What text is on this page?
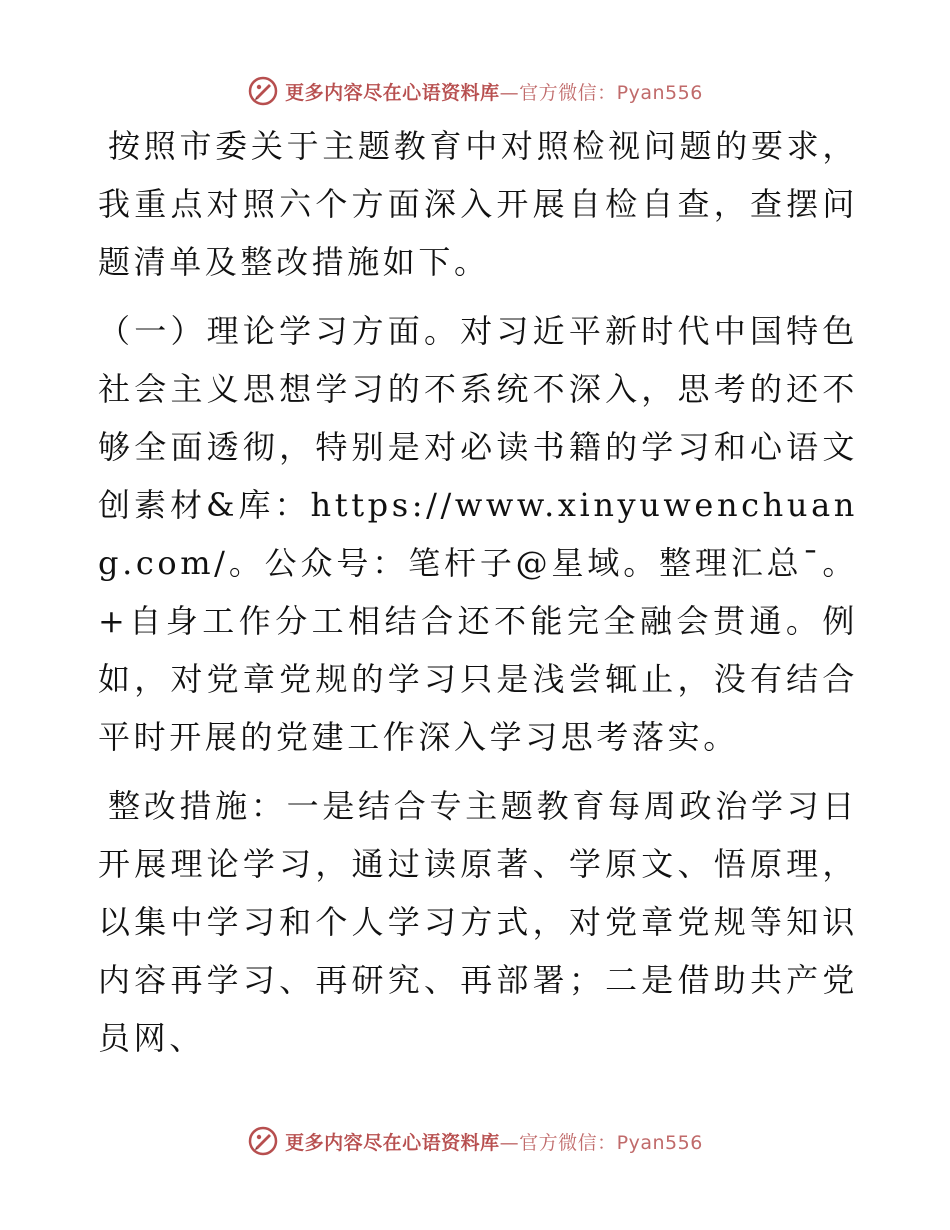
更多内容尽在心语资料库—官方微信：Pyan556

按照市委关于主题教育中对照检视问题的要求，我重点对照六个方面深入开展自检自查，查摆问题清单及整改措施如下。

（一）理论学习方面。对习近平新时代中国特色社会主义思想学习的不系统不深入，思考的还不够全面透彻，特别是对必读书籍的学习和心语文创素材&库：https://www.xinyuwenchuang.com/。公众号：笔杆子@星域。整理汇总¯。+自身工作分工相结合还不能完全融会贯通。例如，对党章党规的学习只是浅尝辄止，没有结合平时开展的党建工作深入学习思考落实。

整改措施：一是结合专主题教育每周政治学习日开展理论学习，通过读原著、学原文、悟原理，以集中学习和个人学习方式，对党章党规等知识内容再学习、再研究、再部署；二是借助共产党员网、

更多内容尽在心语资料库—官方微信：Pyan556
